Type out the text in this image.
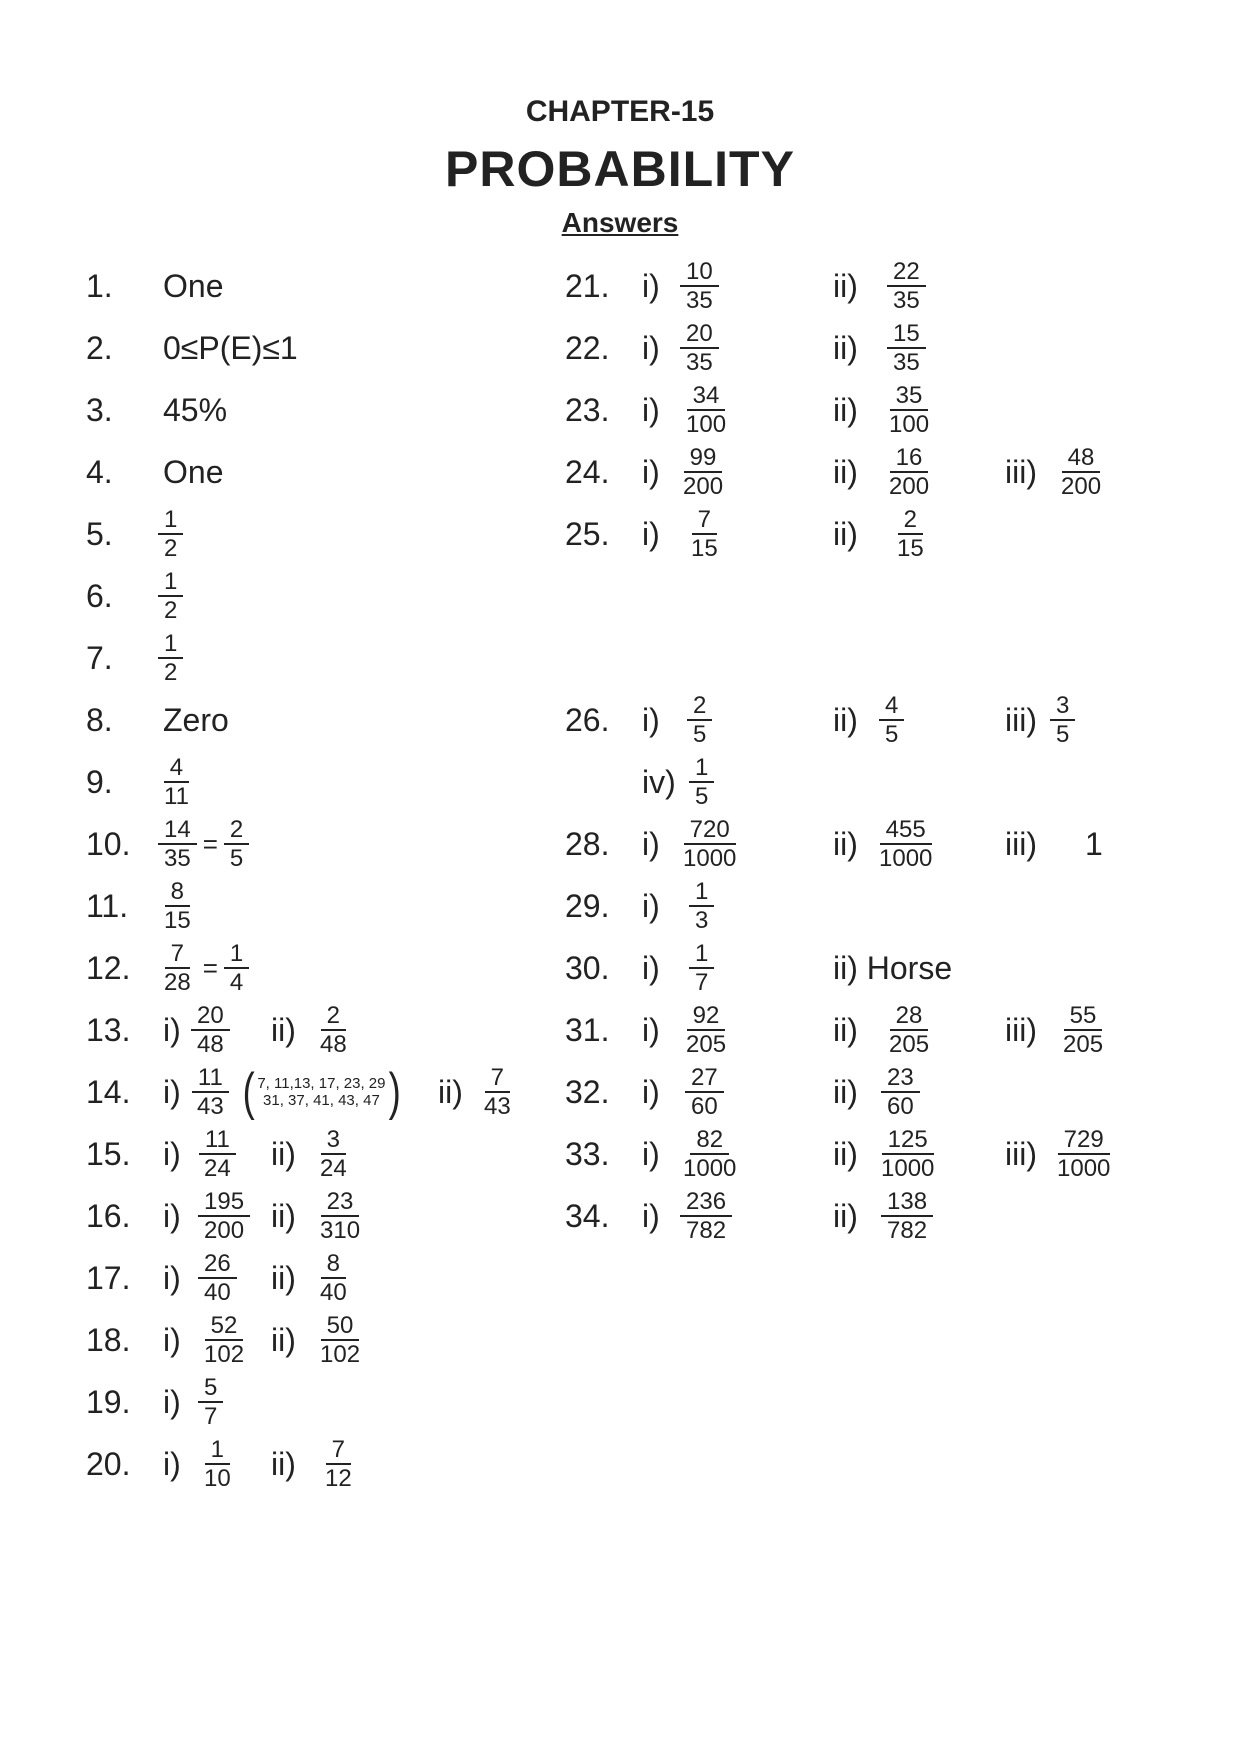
CHAPTER-15
PROBABILITY
Answers
1. One
2. 0≤P(E)≤1
3. 45%
4. One
5. $\frac{1}{2}$
6. $\frac{1}{2}$
7. $\frac{1}{2}$
8. Zero
9. $\frac{4}{11}$
10. $\frac{14}{35} = \frac{2}{5}$
11. $\frac{8}{15}$
12. $\frac{7}{28} = \frac{1}{4}$
13. $i) \frac{20}{48} ii) \frac{2}{48}$
14. $i) \frac{11}{43}$ ( 7, 11,13, 17, 23, 29
31, 37, 41, 43, 47 ) $ii) \frac{7}{43}$
15. $i) \frac{11}{24} ii) \frac{3}{24}$
16. $i) \frac{195}{200} ii) \frac{23}{310}$
17. $i) \frac{26}{40} ii) \frac{8}{40}$
18. $i) \frac{52}{102} ii) \frac{50}{102}$
19. $i) \frac{5}{7}$
20. $i) \frac{1}{10} ii) \frac{7}{12}$
21. $i) \frac{10}{35}$	$ii) \frac{22}{35}$
22. $i) \frac{20}{35}$	$ii) \frac{15}{35}$
23. $i) \frac{34}{100}$	$ii) \frac{35}{100}$
24. $i) \frac{99}{200}$	$ii) \frac{16}{200} iii) \frac{48}{200}$
25. $i) \frac{7}{15}$	$ii) \frac{2}{15}$
26. $i) \frac{2}{5}$	$ii) \frac{4}{5}$	$iii) \frac{3}{5}$
$iv) \frac{1}{5}$
28. $i) \frac{720}{1000}$	$ii) \frac{455}{1000} iii$) 1
29. $i) \frac{1}{3}$
30. $i) \frac{1}{7}$	ii) Horse
31. $i) \frac{92}{205}$	$ii) \frac{28}{205} iii) \frac{55}{205}$
32. $i) \frac{27}{60}$	$ii) \frac{23}{60}$
33. $i) \frac{82}{1000}$	$ii) \frac{125}{1000} iii) \frac{729}{1000}$
34. $i) \frac{236}{782}$	$ii) \frac{138}{782}$
